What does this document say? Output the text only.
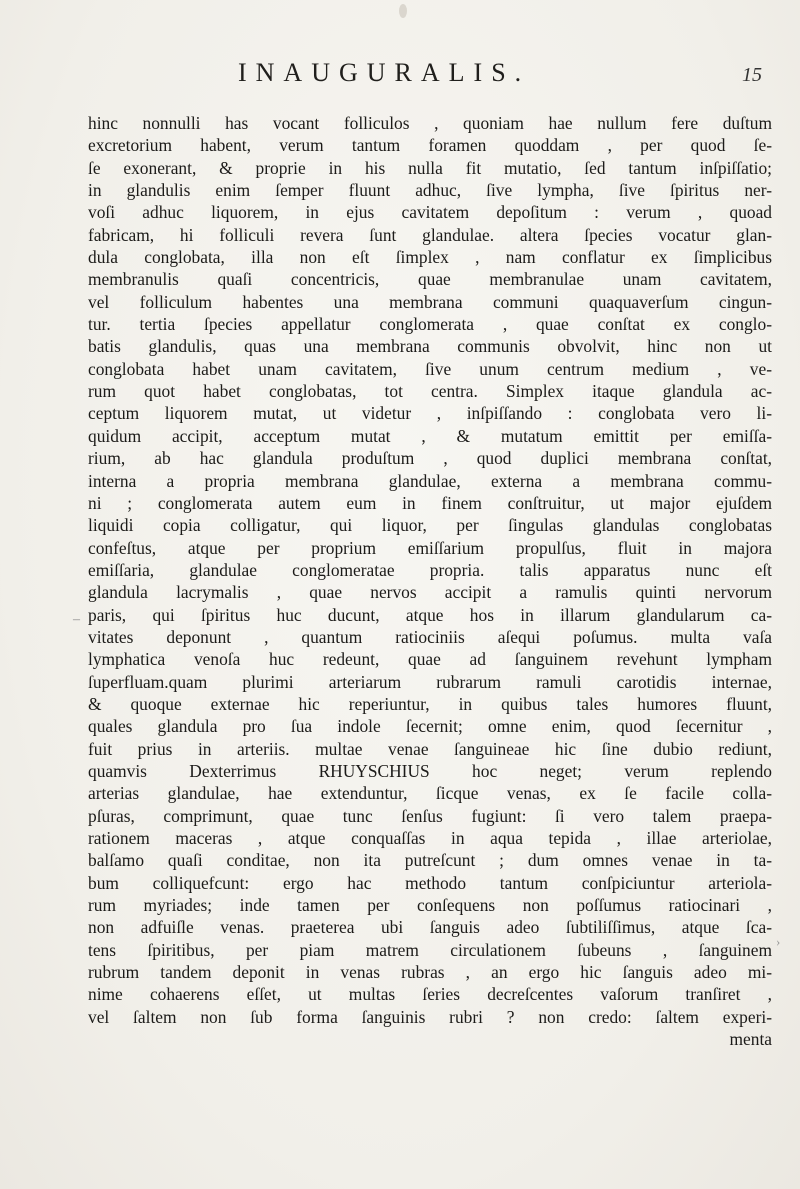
INAUGURALIS.	15
hinc nonnulli has vocant folliculos , quoniam hae nullum fere duſtum
excretorium habent, verum tantum foramen quoddam , per quod ſe-
ſe exonerant, & proprie in his nulla fit mutatio, ſed tantum inſpiſſatio;
in glandulis enim ſemper fluunt adhuc, ſive lympha, ſive ſpiritus ner-
voſi adhuc liquorem, in ejus cavitatem depoſitum : verum , quoad
fabricam, hi folliculi revera ſunt glandulae. altera ſpecies vocatur glan-
dula conglobata, illa non eſt ſimplex , nam conflatur ex ſimplicibus
membranulis quaſi concentricis, quae membranulae unam cavitatem,
vel folliculum habentes una membrana communi quaquaverſum cingun-
tur. tertia ſpecies appellatur conglomerata , quae conſtat ex conglo-
batis glandulis, quas una membrana communis obvolvit, hinc non ut
conglobata habet unam cavitatem, ſive unum centrum medium , ve-
rum quot habet conglobatas, tot centra. Simplex itaque glandula ac-
ceptum liquorem mutat, ut videtur , inſpiſſando : conglobata vero li-
quidum accipit, acceptum mutat , & mutatum emittit per emiſſa-
rium, ab hac glandula produſtum , quod duplici membrana conſtat,
interna a propria membrana glandulae, externa a membrana commu-
ni ; conglomerata autem eum in finem conſtruitur, ut major ejuſdem
liquidi copia colligatur, qui liquor, per ſingulas glandulas conglobatas
confeſtus, atque per proprium emiſſarium propulſus, fluit in majora
emiſſaria, glandulae conglomeratae propria. talis apparatus nunc eſt
glandula lacrymalis , quae nervos accipit a ramulis quinti nervorum
paris, qui ſpiritus huc ducunt, atque hos in illarum glandularum ca-
vitates deponunt , quantum ratiociniis aſequi poſumus. multa vaſa
lymphatica venoſa huc redeunt, quae ad ſanguinem revehunt lympham
ſuperfluam.quam plurimi arteriarum rubrarum ramuli carotidis internae,
& quoque externae hic reperiuntur, in quibus tales humores fluunt,
quales glandula pro ſua indole ſecernit; omne enim, quod ſecernitur ,
fuit prius in arteriis. multae venae ſanguineae hic ſine dubio rediunt,
quamvis Dexterrimus RHUYSCHIUS hoc neget; verum replendo
arterias glandulae, hae extenduntur, ſicque venas, ex ſe facile colla-
pſuras, comprimunt, quae tunc ſenſus fugiunt: ſi vero talem praepa-
rationem maceras , atque conquaſſas in aqua tepida , illae arteriolae,
balſamo quaſi conditae, non ita putreſcunt ; dum omnes venae in ta-
bum colliquefcunt: ergo hac methodo tantum conſpiciuntur arteriola-
rum myriades; inde tamen per conſequens non poſſumus ratiocinari ,
non adfuiſle venas. praeterea ubi ſanguis adeo ſubtiliſſimus, atque ſca-
tens ſpiritibus, per piam matrem circulationem ſubeuns , ſanguinem
rubrum tandem deponit in venas rubras , an ergo hic ſanguis adeo mi-
nime cohaerens eſſet, ut multas ſeries decreſcentes vaſorum tranſiret ,
vel ſaltem non ſub forma ſanguinis rubri ? non credo: ſaltem experi-
menta
–
›
